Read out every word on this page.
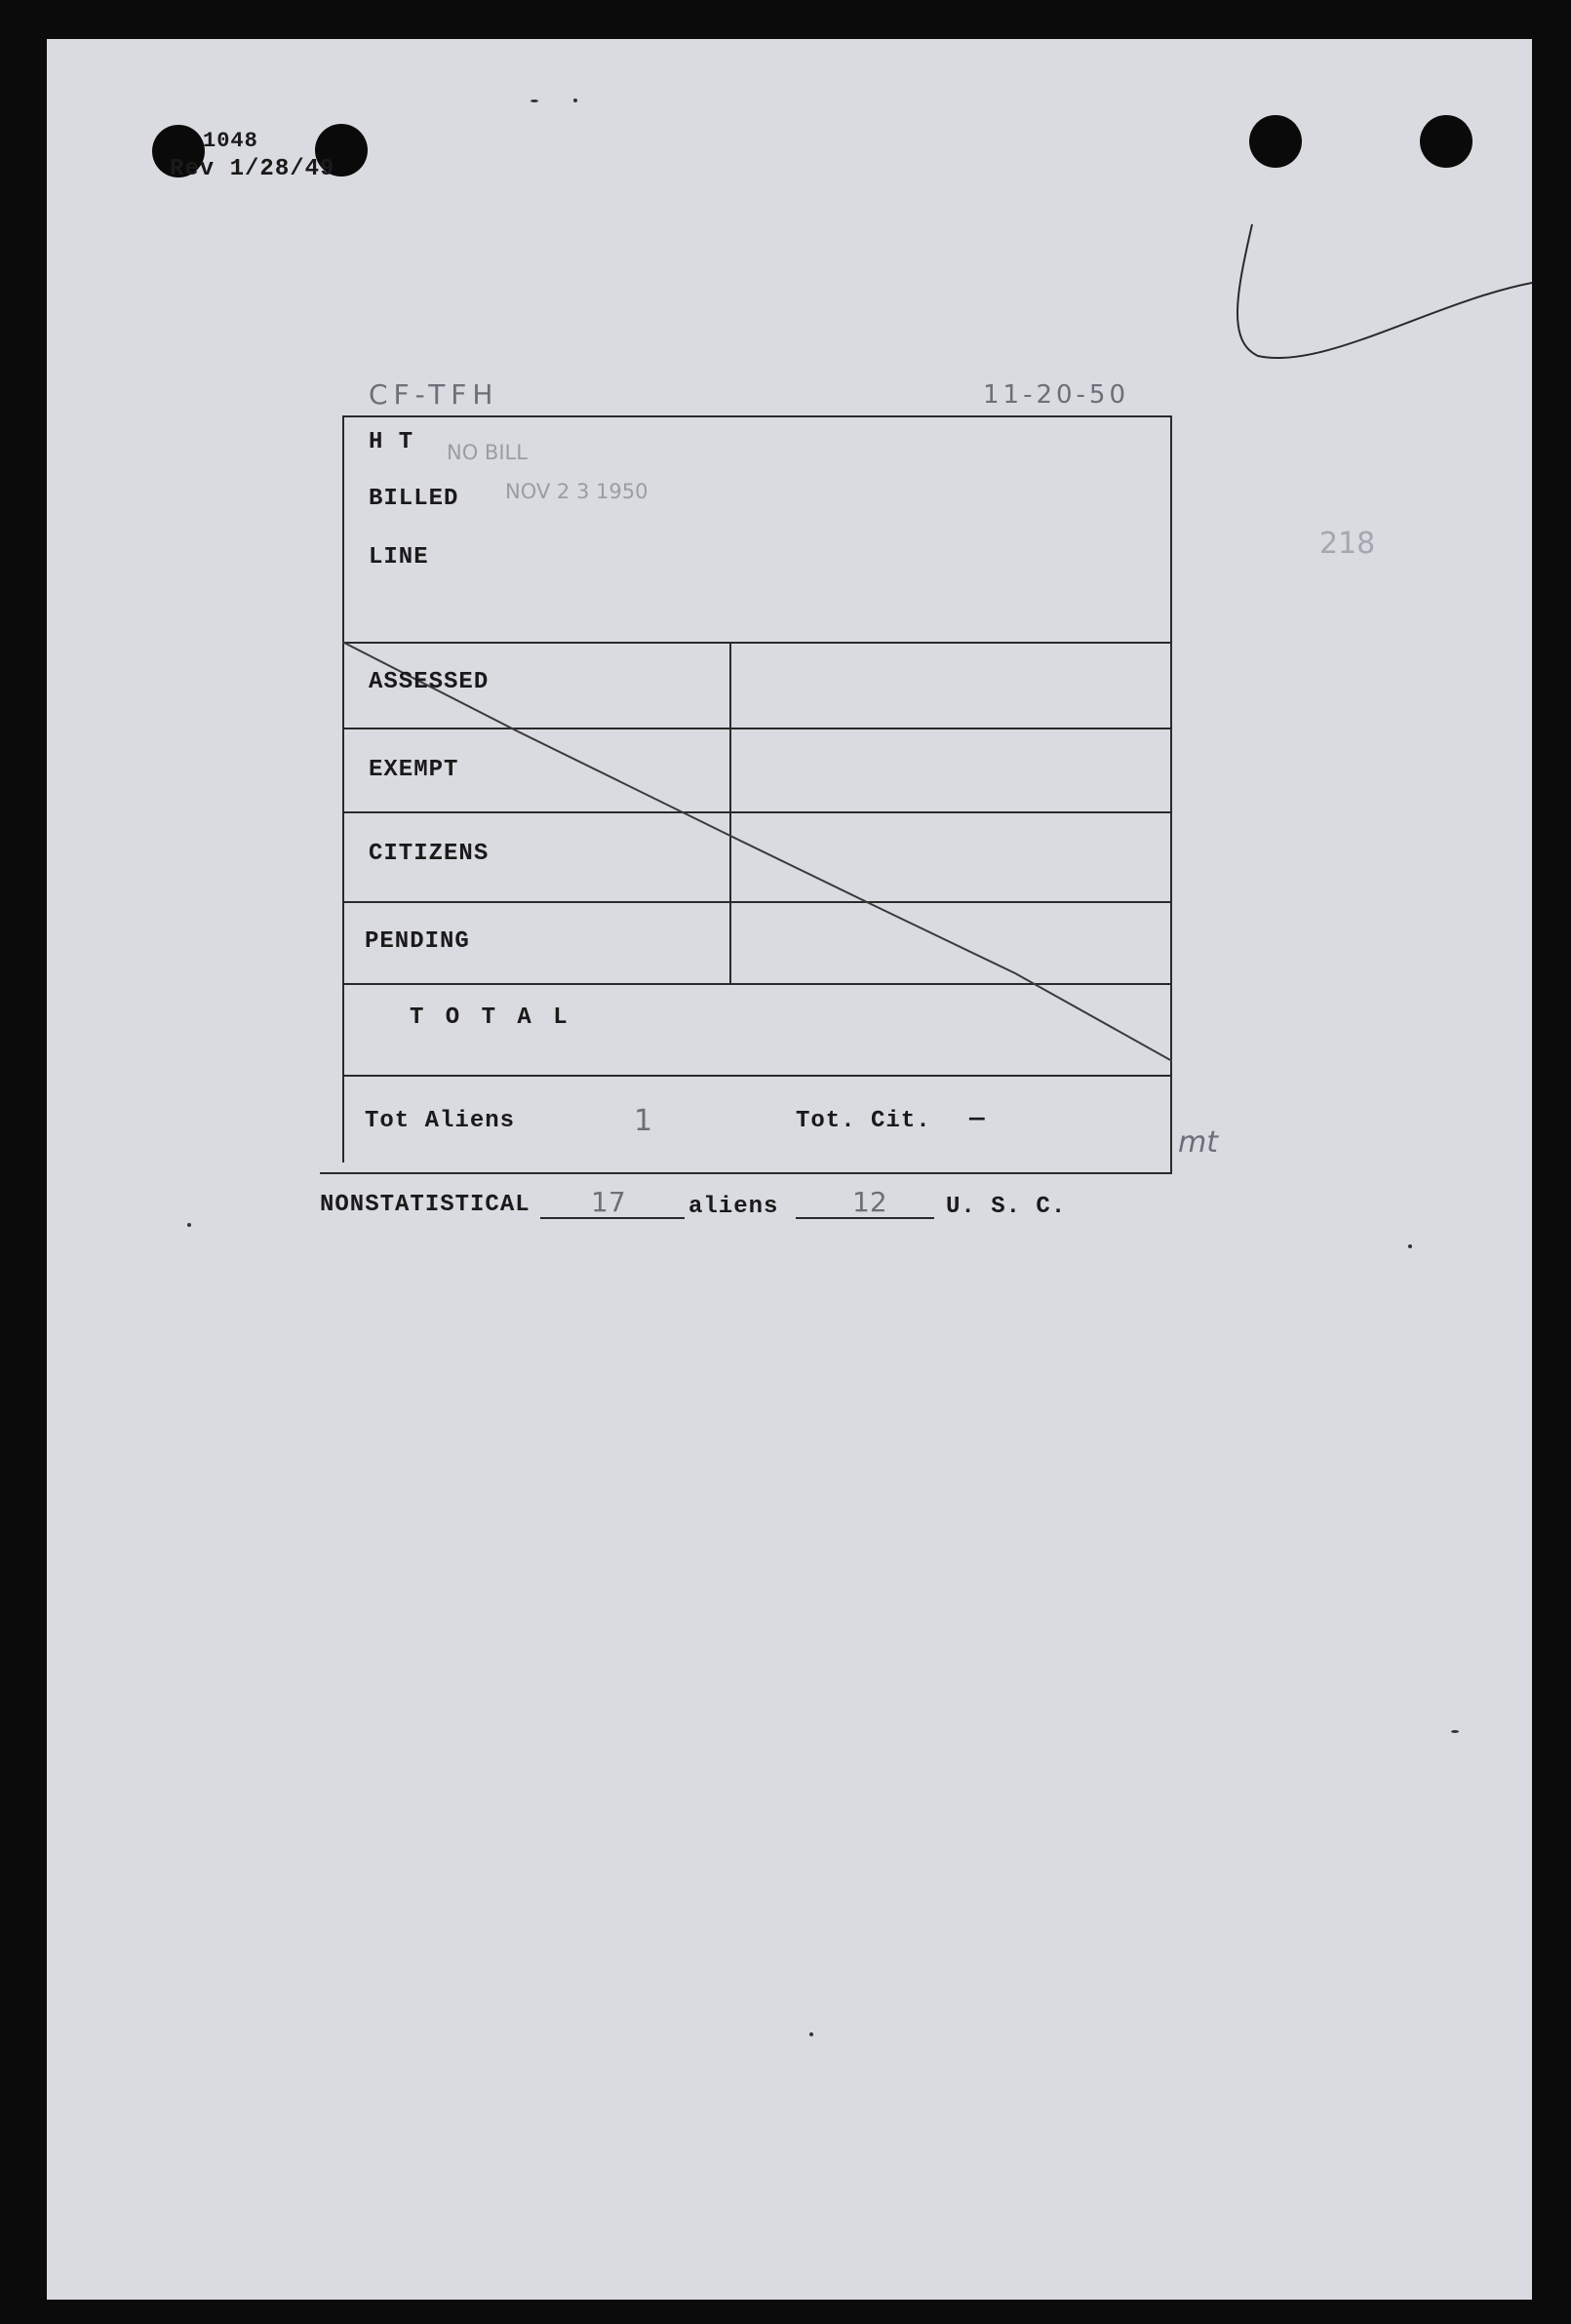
1048
Rev 1/28/49
CF-TFH	11-20-50
218
mt
H T NO BILL
BILLED NOV 2 3 1950
LINE
ASSESSED
EXEMPT
CITIZENS
PENDING
T O T A L
Tot Aliens	1	Tot. Cit. —
NONSTATISTICAL 17	aliens	12	U. S. C.
